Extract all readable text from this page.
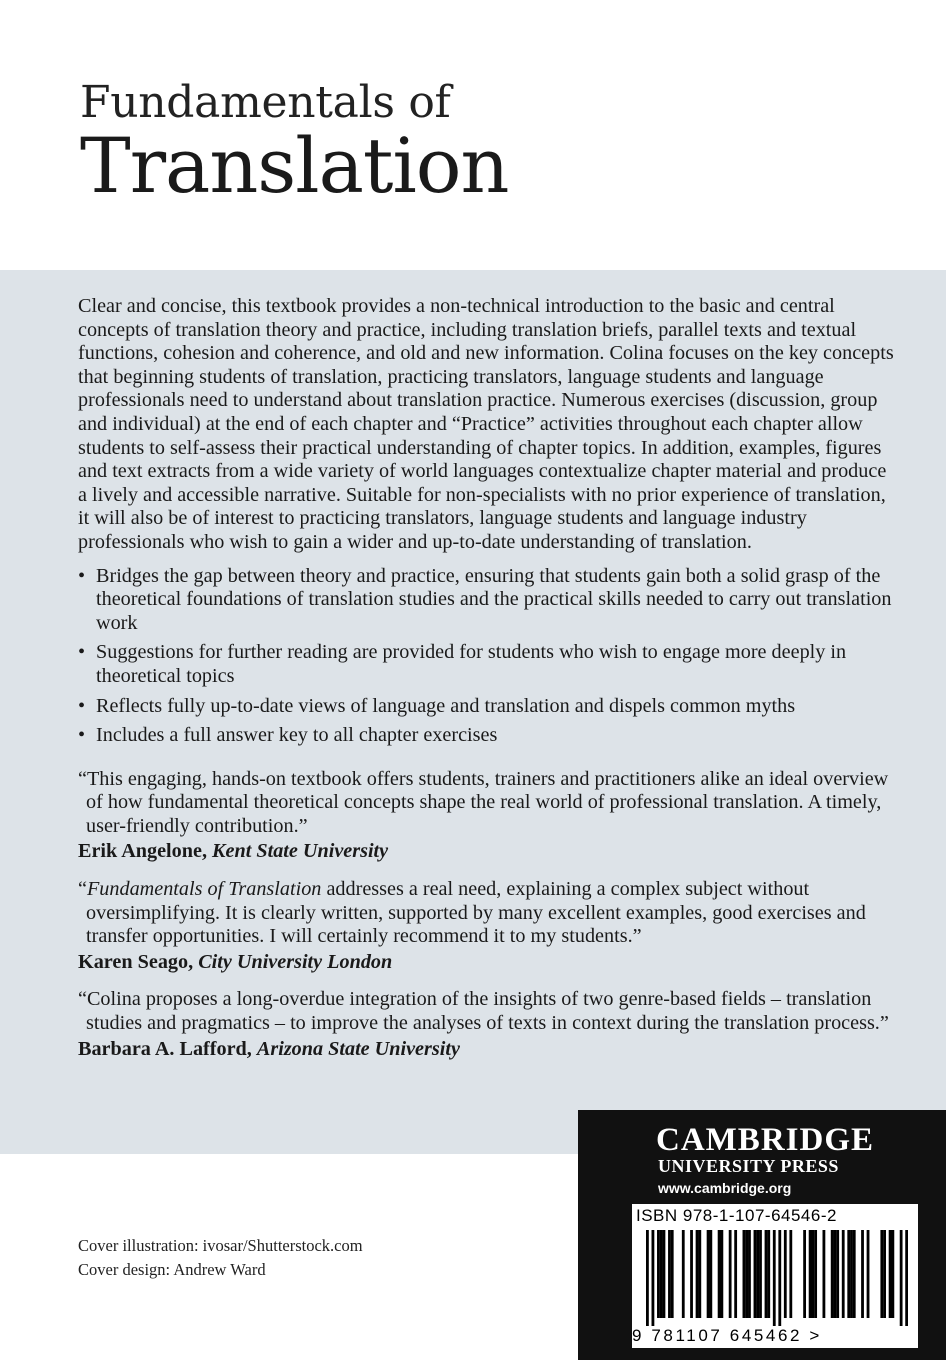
Fundamentals of
Translation

Clear and concise, this textbook provides a non-technical introduction to the basic and central concepts of translation theory and practice, including translation briefs, parallel texts and textual functions, cohesion and coherence, and old and new information. Colina focuses on the key concepts that beginning students of translation, practicing translators, language students and language professionals need to understand about translation practice. Numerous exercises (discussion, group and individual) at the end of each chapter and “Practice” activities throughout each chapter allow students to self-assess their practical understanding of chapter topics. In addition, examples, figures and text extracts from a wide variety of world languages contextualize chapter material and produce a lively and accessible narrative. Suitable for non-specialists with no prior experience of translation, it will also be of interest to practicing translators, language students and language industry professionals who wish to gain a wider and up-to-date understanding of translation.

• Bridges the gap between theory and practice, ensuring that students gain both a solid grasp of the theoretical foundations of translation studies and the practical skills needed to carry out translation work
• Suggestions for further reading are provided for students who wish to engage more deeply in theoretical topics
• Reflects fully up-to-date views of language and translation and dispels common myths
• Includes a full answer key to all chapter exercises

“This engaging, hands-on textbook offers students, trainers and practitioners alike an ideal overview of how fundamental theoretical concepts shape the real world of professional translation. A timely, user-friendly contribution.”

Erik Angelone, Kent State University

“Fundamentals of Translation addresses a real need, explaining a complex subject without oversimplifying. It is clearly written, supported by many excellent examples, good exercises and transfer opportunities. I will certainly recommend it to my students.”

Karen Seago, City University London

“Colina proposes a long-overdue integration of the insights of two genre-based fields – translation studies and pragmatics – to improve the analyses of texts in context during the translation process.”

Barbara A. Lafford, Arizona State University

Cover illustration: ivosar/Shutterstock.com
Cover design: Andrew Ward
CAMBRIDGE
UNIVERSITY PRESS
www.cambridge.org
ISBN 978-1-107-64546-2
9 781107 645462 >
